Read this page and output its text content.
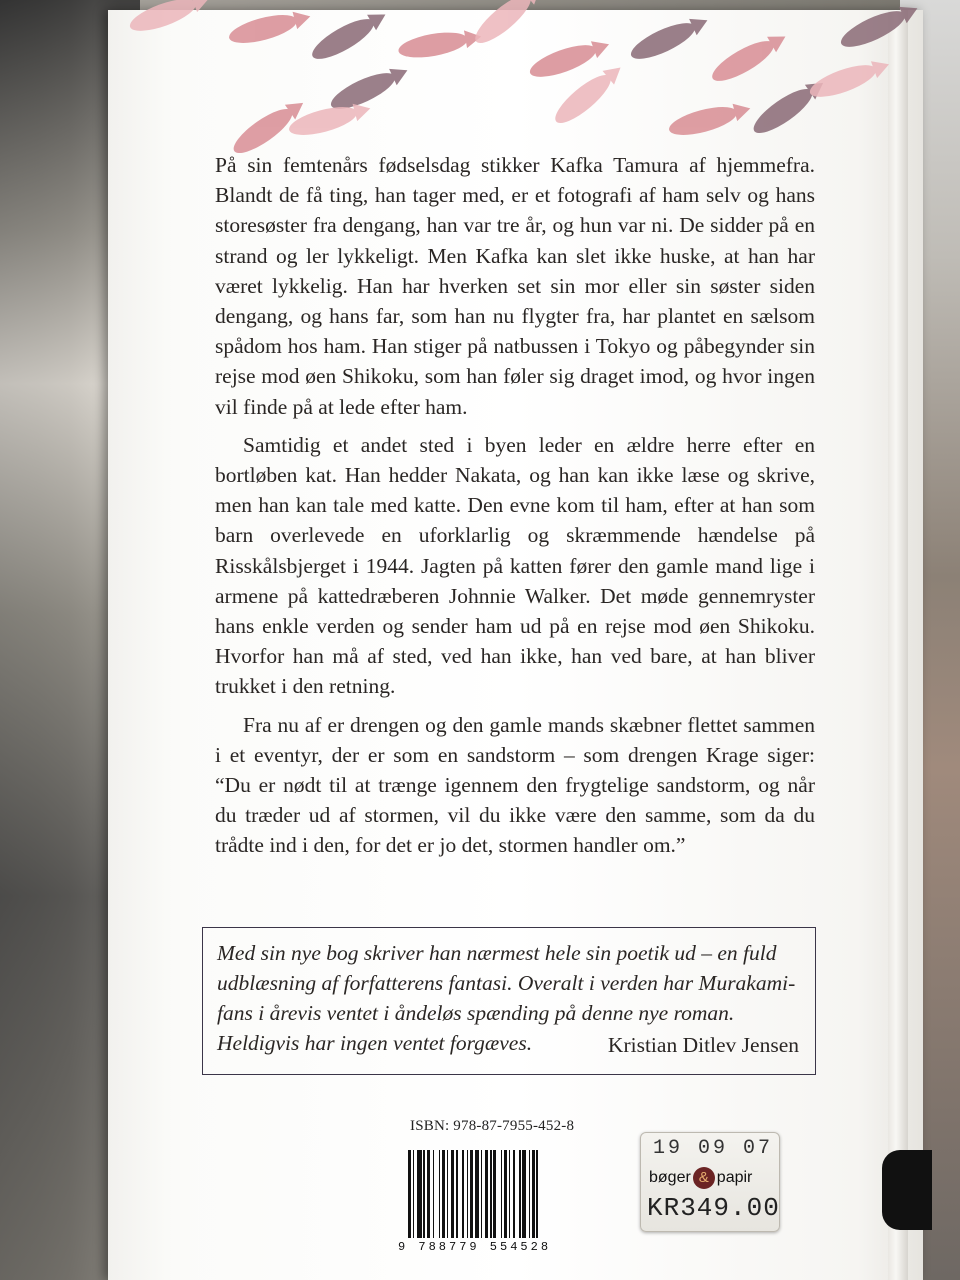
På sin femtenårs fødselsdag stikker Kafka Tamura af hjemmefra. Blandt de få ting, han tager med, er et fotografi af ham selv og hans storesøster fra dengang, han var tre år, og hun var ni. De sidder på en strand og ler lykkeligt. Men Kafka kan slet ikke huske, at han har været lykkelig. Han har hverken set sin mor eller sin søster siden dengang, og hans far, som han nu flygter fra, har plantet en sælsom spådom hos ham. Han stiger på natbussen i Tokyo og påbegynder sin rejse mod øen Shikoku, som han føler sig draget imod, og hvor ingen vil finde på at lede efter ham.

Samtidig et andet sted i byen leder en ældre herre efter en bortløben kat. Han hedder Nakata, og han kan ikke læse og skrive, men han kan tale med katte. Den evne kom til ham, efter at han som barn overlevede en uforklarlig og skræmmende hændelse på Risskålsbjerget i 1944. Jagten på katten fører den gamle mand lige i armene på kattedræberen Johnnie Walker. Det møde gennemryster hans enkle verden og sender ham ud på en rejse mod øen Shikoku. Hvorfor han må af sted, ved han ikke, han ved bare, at han bliver trukket i den retning.

Fra nu af er drengen og den gamle mands skæbner flettet sammen i et eventyr, der er som en sandstorm – som drengen Krage siger: “Du er nødt til at trænge igennem den frygtelige sandstorm, og når du træder ud af stormen, vil du ikke være den samme, som da du trådte ind i den, for det er jo det, stormen handler om.”

Med sin nye bog skriver han nærmest hele sin poetik ud – en fuld udblæsning af forfatterens fantasi. Overalt i verden har Murakami-fans i årevis ventet i åndeløs spænding på denne nye roman. Heldigvis har ingen ventet forgæves.	Kristian Ditlev Jensen
ISBN: 978-87-7955-452-8
9 788779 554528
19 09 07
bøger & papir
KR349.00
